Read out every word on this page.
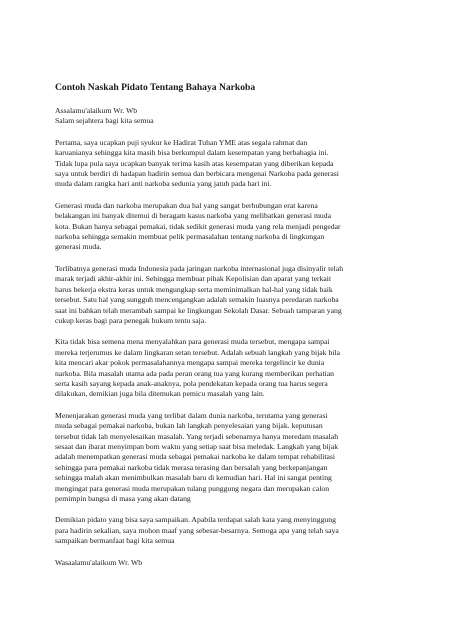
Contoh Naskah Pidato Tentang Bahaya Narkoba
Assalamu'alaikum Wr. Wb
Salam sejahtera bagi kita semua
Pertama, saya ucapkan puji syukur ke Hadirat Tuhan YME atas segala rahmat dan
karuanianya sehingga kita masih bisa berkumpul dalam kesempatan yang berbahagia ini.
Tidak lupa pula saya ucapkan banyak terima kasih atas kesempatan yang diberikan kepada
saya untuk berdiri di hadapan hadirin semua dan berbicara mengenai Narkoba pada generasi
muda dalam rangka hari anti narkoba sedunia yang jatuh pada hari ini.
Generasi muda dan narkoba merupakan dua hal yang sangat berhubungan erat karena
belakangan ini banyak ditemui di beragam kasus narkoba yang melibatkan generasi muda
kota. Bukan hanya sebagai pemakai, tidak sedikit generasi muda yang rela menjadi pengedar
narkoba sehingga semakin membuat pelik permasalahan tentang narkoba di lingkungan
generasi muda.
Terlibatnya generasi muda Indonesia pada jaringan narkoba internasional juga disinyalir telah
marak terjadi akhir-akhir ini. Sehingga membuat pihak Kepolisian dan aparat yang terkait
harus bekerja ekstra keras untuk mengungkap serta meminimalkan hal-hal yang tidak baik
tersebut. Satu hal yang sungguh mencengangkan adalah semakin luasnya peredaran narkoba
saat ini bahkan telah merambah sampai ke lingkungan Sekolah Dasar. Sebuah tamparan yang
cukup keras bagi para penegak hukum tentu saja.
Kita tidak bisa semena mena menyalahkan para generasi muda tersebut, mengapa sampai
mereka terjerumus ke dalam lingkaran setan tersebut. Adalah sebuah langkah yang bijak bila
kita mencari akar pokok permasalahannya mengapa sampai mereka tergelincir ke dunia
narkoba. Bila masalah utama ada pada peran orang tua yang kurang memberikan perhatian
serta kasih sayang kepada anak-anaknya, pola pendekatan kepada orang tua harus segera
dilakukan, demikian juga bila ditemukan pemicu masalah yang lain.
Menenjarakan generasi muda yang terlibat dalam dunia narkoba, terutama yang generasi
muda sebagai pemakai narkoba, bukan lah langkah penyelesaian yang bijak. keputusan
tersebut tidak lah menyelesaikan masalah. Yang terjadi sebenarnya hanya meredam masalah
sesaat dan ibarat menyimpan bom waktu yang setiap saat bisa meledak. Langkah yang bijak
adalah menempatkan generasi muda sebagai pemakai narkoba ke dalam tempat rehabilitasi
sehingga para pemakai narkoba tidak merasa terasing dan bersalah yang berkepanjangan
sehingga malah akan menimbulkan masalah baru di kemudian hari. Hal ini sangat penting
mengingat para generasi muda merupakan tulang punggung negara dan merupakan calon
pemimpin bangsa di masa yang akan datang
Demikian pidato yang bisa saya sampaikan. Apabila terdapat salah kata yang menyinggung
para hadirin sekalian, saya mohon maaf yang sebesar-besarnya. Semoga apa yang telah saya
sampaikan bermanfaat bagi kita semua
Wasaalamu'alaikum Wr. Wb
